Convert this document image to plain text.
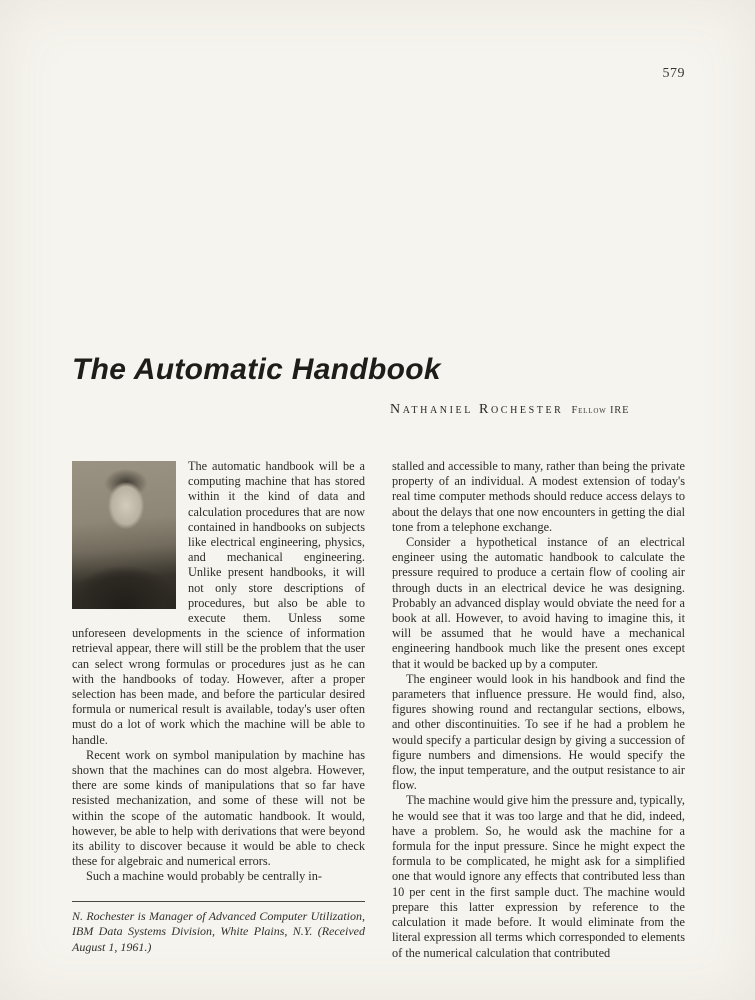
579
The Automatic Handbook
Nathaniel Rochester Fellow IRE

The automatic handbook will be a computing machine that has stored within it the kind of data and calculation procedures that are now contained in handbooks on subjects like electrical engineering, physics, and mechanical engineering. Unlike present handbooks, it will not only store descriptions of procedures, but also be able to execute them. Unless some unforeseen developments in the science of information retrieval appear, there will still be the problem that the user can select wrong formulas or procedures just as he can with the handbooks of today. However, after a proper selection has been made, and before the particular desired formula or numerical result is available, today's user often must do a lot of work which the machine will be able to handle.

Recent work on symbol manipulation by machine has shown that the machines can do most algebra. However, there are some kinds of manipulations that so far have resisted mechanization, and some of these will not be within the scope of the automatic handbook. It would, however, be able to help with derivations that were beyond its ability to discover because it would be able to check these for algebraic and numerical errors.

Such a machine would probably be centrally in-

N. Rochester is Manager of Advanced Computer Utilization, IBM Data Systems Division, White Plains, N.Y. (Received August 1, 1961.)

stalled and accessible to many, rather than being the private property of an individual. A modest extension of today's real time computer methods should reduce access delays to about the delays that one now encounters in getting the dial tone from a telephone exchange.

Consider a hypothetical instance of an electrical engineer using the automatic handbook to calculate the pressure required to produce a certain flow of cooling air through ducts in an electrical device he was designing. Probably an advanced display would obviate the need for a book at all. However, to avoid having to imagine this, it will be assumed that he would have a mechanical engineering handbook much like the present ones except that it would be backed up by a computer.

The engineer would look in his handbook and find the parameters that influence pressure. He would find, also, figures showing round and rectangular sections, elbows, and other discontinuities. To see if he had a problem he would specify a particular design by giving a succession of figure numbers and dimensions. He would specify the flow, the input temperature, and the output resistance to air flow.

The machine would give him the pressure and, typically, he would see that it was too large and that he did, indeed, have a problem. So, he would ask the machine for a formula for the input pressure. Since he might expect the formula to be complicated, he might ask for a simplified one that would ignore any effects that contributed less than 10 per cent in the first sample duct. The machine would prepare this latter expression by reference to the calculation it made before. It would eliminate from the literal expression all terms which corresponded to elements of the numerical calculation that contributed
